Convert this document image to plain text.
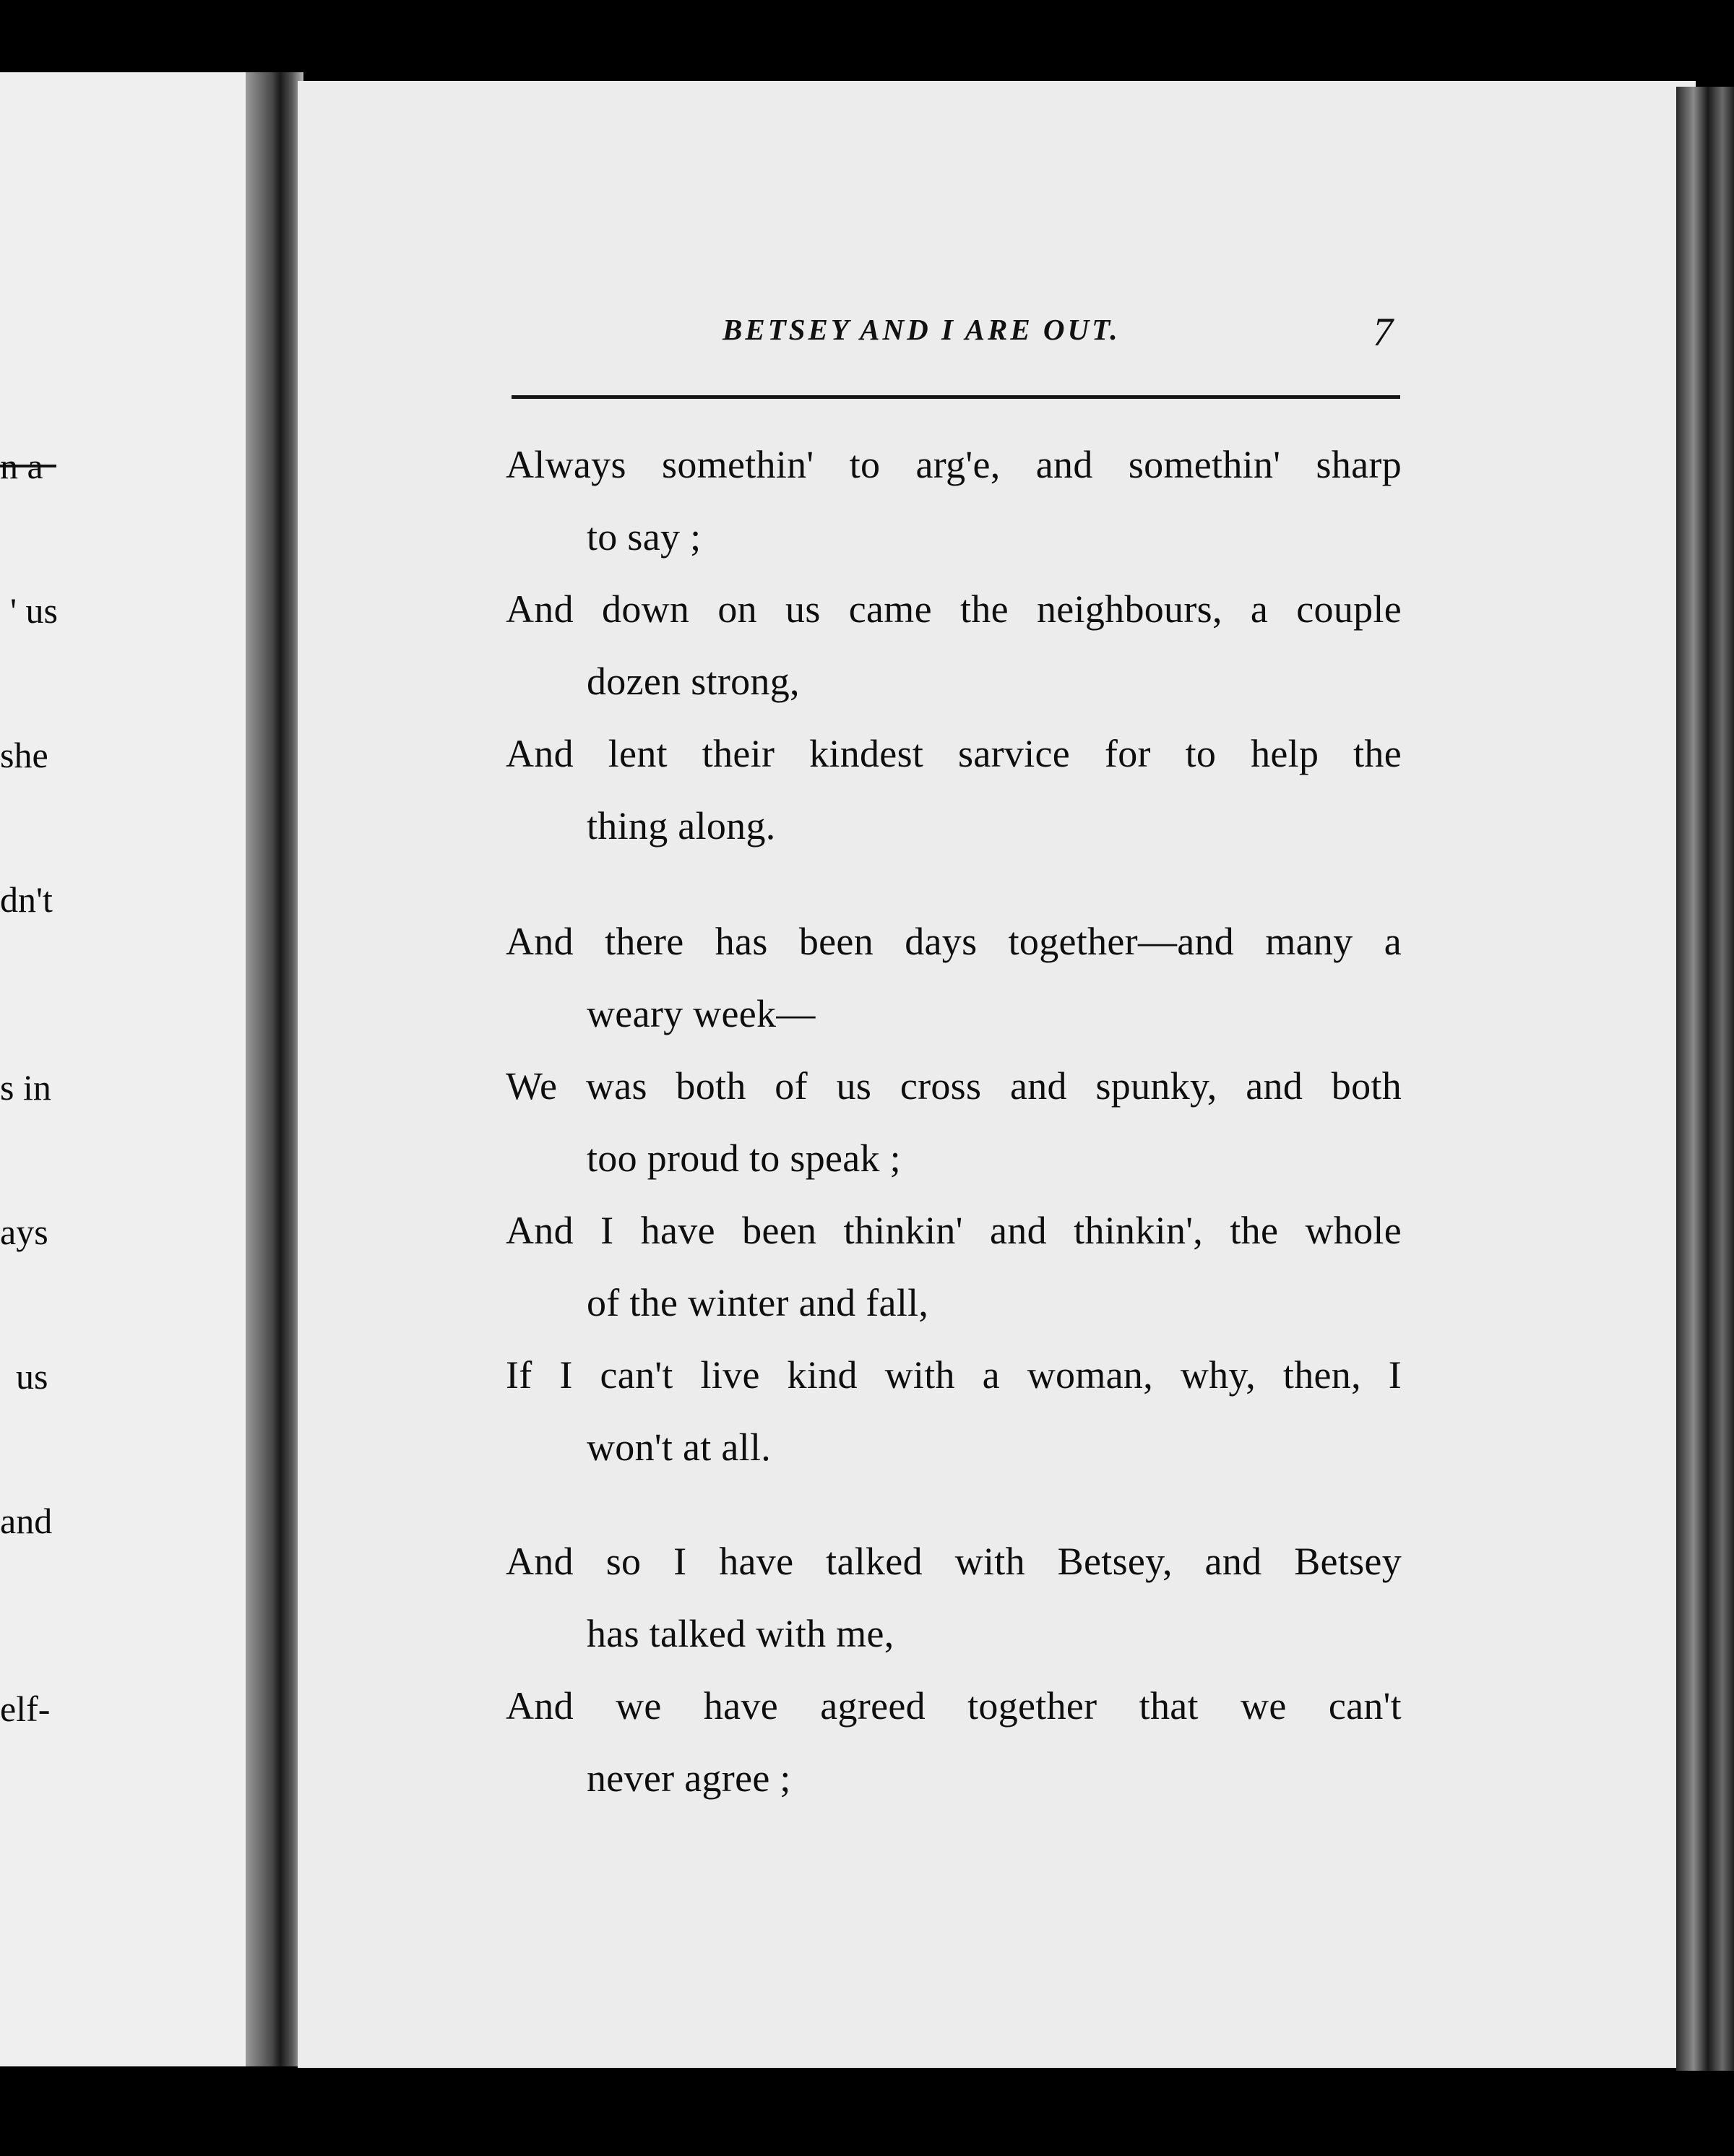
n a
' us
she
dn't
s in
ays
us
and
elf-
BETSEY AND I ARE OUT.	7
Always somethin' to arg'e, and somethin' sharp
to say ;
And down on us came the neighbours, a couple
dozen strong,
And lent their kindest sarvice for to help the
thing along.
And there has been days together—and many a
weary week—
We was both of us cross and spunky, and both
too proud to speak ;
And I have been thinkin' and thinkin', the whole
of the winter and fall,
If I can't live kind with a woman, why, then, I
won't at all.
And so I have talked with Betsey, and Betsey
has talked with me,
And we have agreed together that we can't
never agree ;
